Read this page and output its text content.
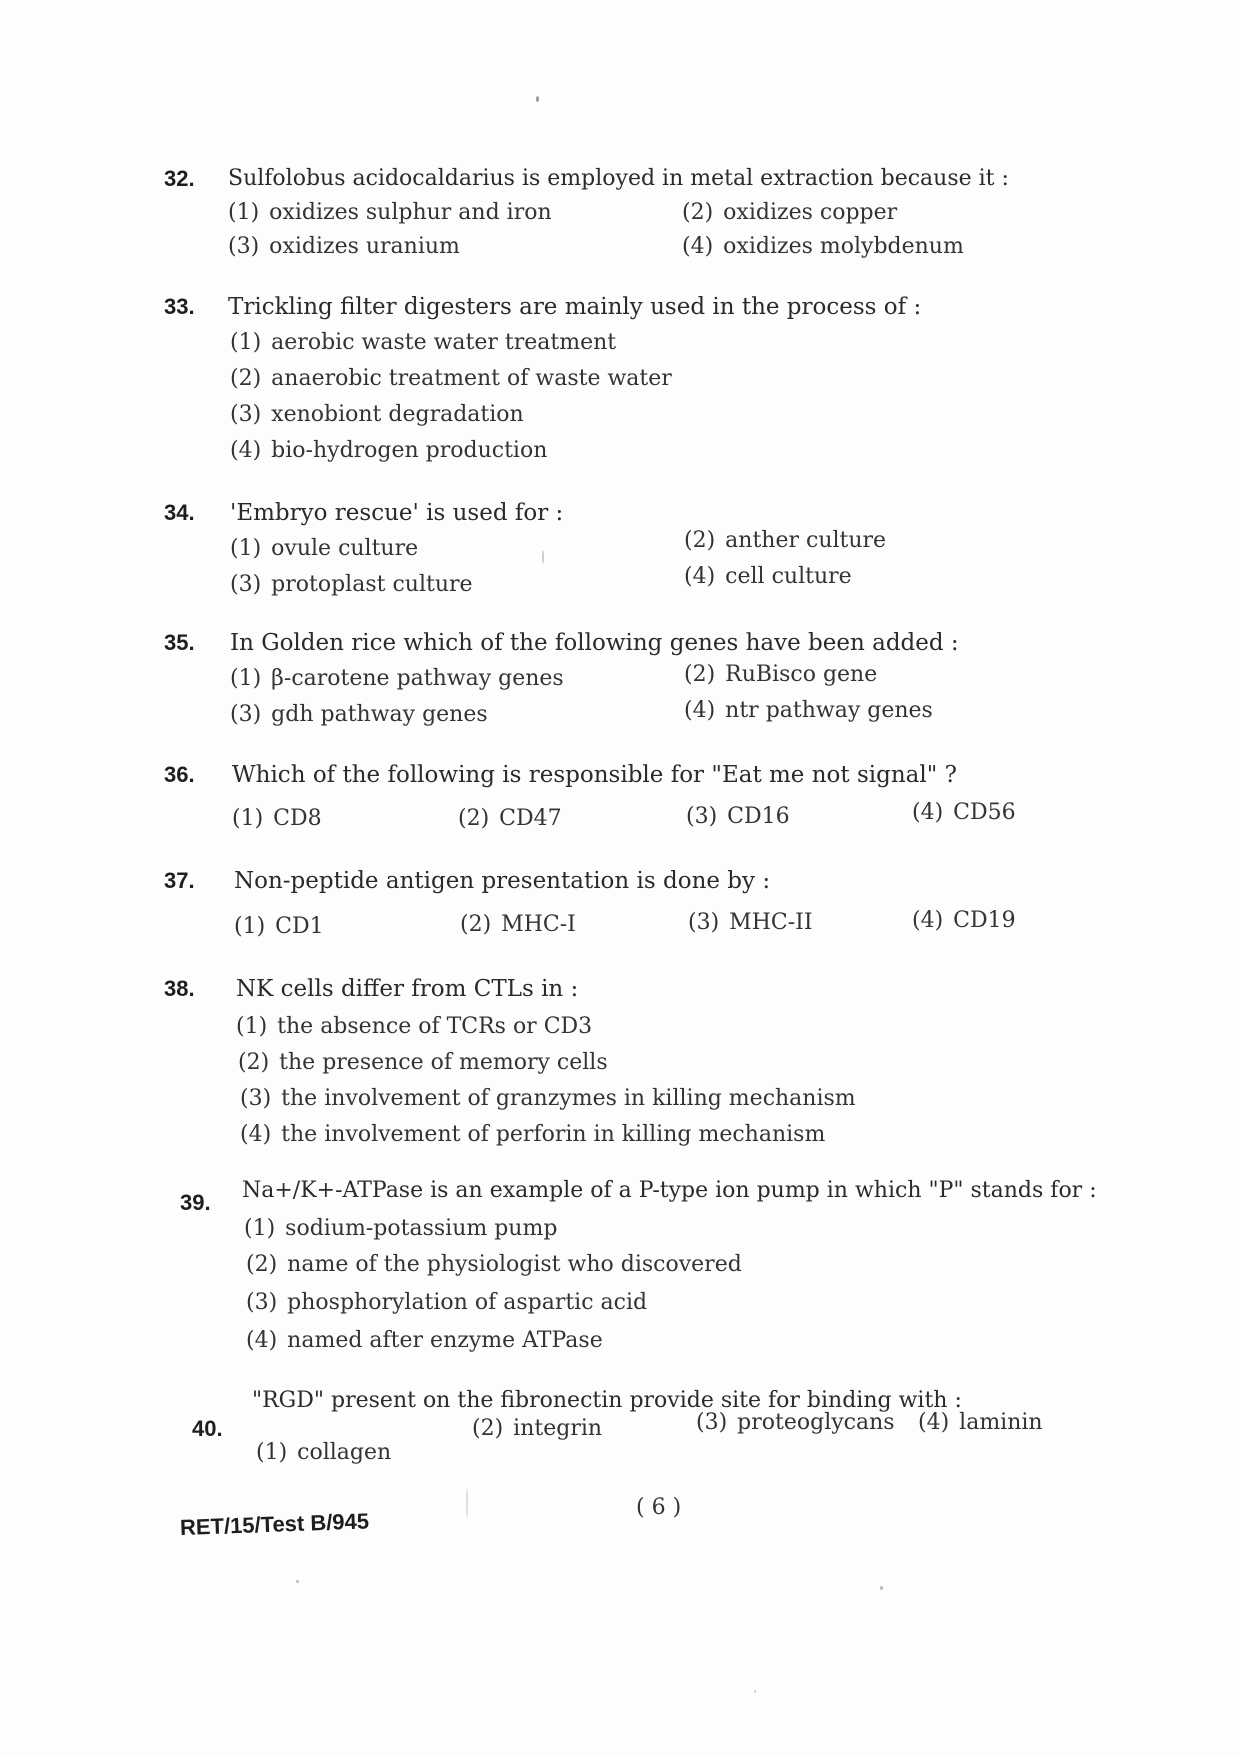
32. Sulfolobus acidocaldarius is employed in metal extraction because it :
(1) oxidizes sulphur and iron	(2) oxidizes copper
(3) oxidizes uranium	(4) oxidizes molybdenum
33. Trickling filter digesters are mainly used in the process of :
(1) aerobic waste water treatment
(2) anaerobic treatment of waste water
(3) xenobiont degradation
(4) bio-hydrogen production
34. 'Embryo rescue' is used for :
(1) ovule culture	(2) anther culture
(3) protoplast culture	(4) cell culture
35. In Golden rice which of the following genes have been added :
(1) β-carotene pathway genes	(2) RuBisco gene
(3) gdh pathway genes	(4) ntr pathway genes
36. Which of the following is responsible for "Eat me not signal" ?
(1) CD8	(2) CD47	(3) CD16	(4) CD56
37. Non-peptide antigen presentation is done by :
(1) CD1	(2) MHC-I	(3) MHC-II	(4) CD19
38. NK cells differ from CTLs in :
(1) the absence of TCRs or CD3
(2) the presence of memory cells
(3) the involvement of granzymes in killing mechanism
(4) the involvement of perforin in killing mechanism
39. Na+/K+-ATPase is an example of a P-type ion pump in which "P" stands for :
(1) sodium-potassium pump
(2) name of the physiologist who discovered
(3) phosphorylation of aspartic acid
(4) named after enzyme ATPase
40.
"RGD" present on the fibronectin provide site for binding with :
(1) collagen
(2) integrin	(3) proteoglycans (4) laminin
( 6 )
RET/15/Test B/945
